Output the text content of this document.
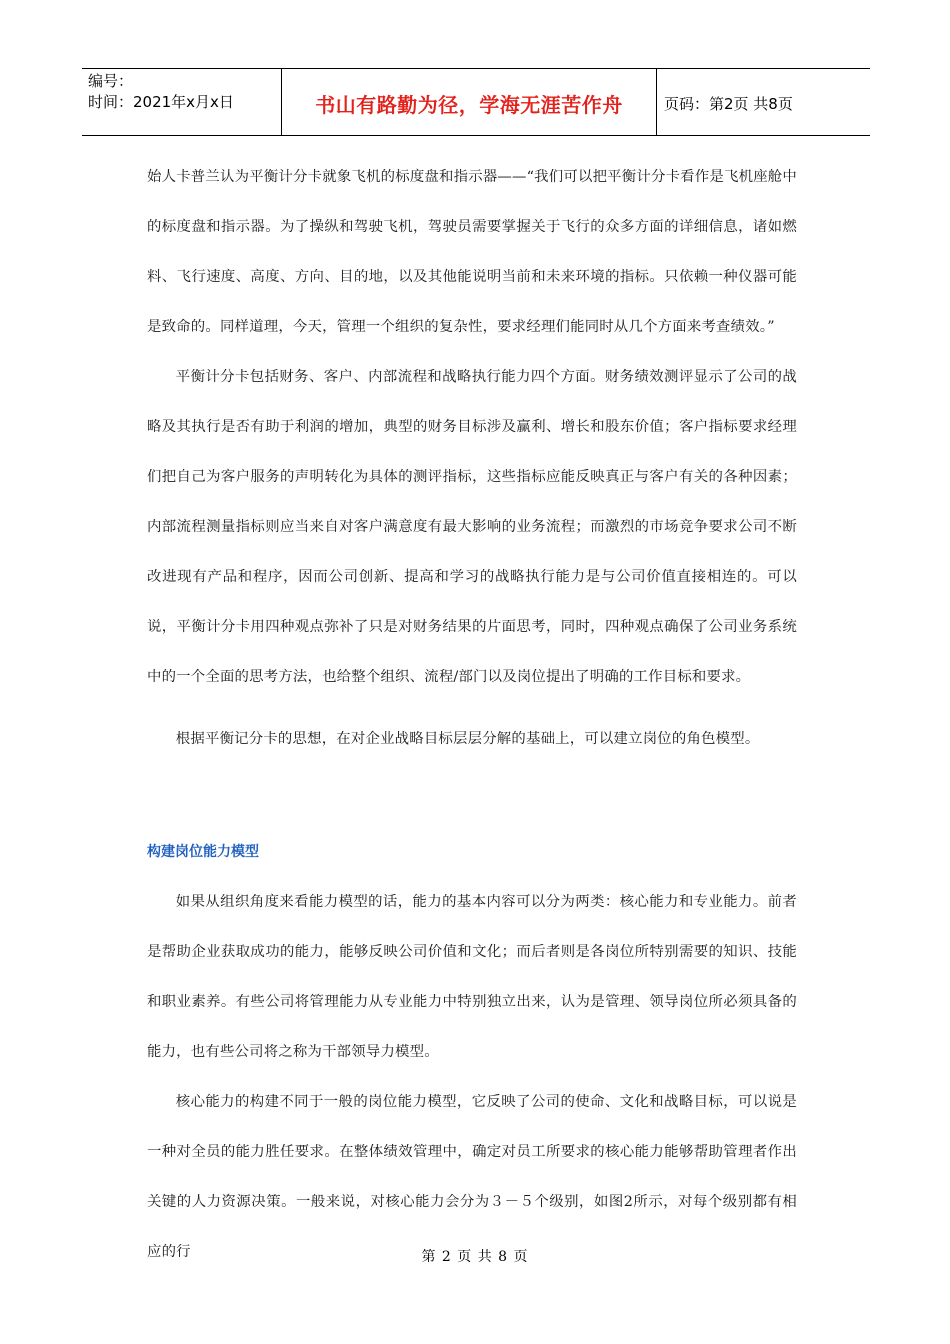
编号：
时间：2021年x月x日	书山有路勤为径，学海无涯苦作舟	页码：第2页 共8页

始人卡普兰认为平衡计分卡就象飞机的标度盘和指示器——“我们可以把平衡计分卡看作是飞机座舱中的标度盘和指示器。为了操纵和驾驶飞机，驾驶员需要掌握关于飞行的众多方面的详细信息，诸如燃料、飞行速度、高度、方向、目的地，以及其他能说明当前和未来环境的指标。只依赖一种仪器可能是致命的。同样道理，今天，管理一个组织的复杂性，要求经理们能同时从几个方面来考查绩效。”

平衡计分卡包括财务、客户、内部流程和战略执行能力四个方面。财务绩效测评显示了公司的战略及其执行是否有助于利润的增加，典型的财务目标涉及赢利、增长和股东价值；客户指标要求经理们把自己为客户服务的声明转化为具体的测评指标，这些指标应能反映真正与客户有关的各种因素；内部流程测量指标则应当来自对客户满意度有最大影响的业务流程；而激烈的市场竞争要求公司不断改进现有产品和程序，因而公司创新、提高和学习的战略执行能力是与公司价值直接相连的。可以说，平衡计分卡用四种观点弥补了只是对财务结果的片面思考，同时，四种观点确保了公司业务系统中的一个全面的思考方法，也给整个组织、流程/部门以及岗位提出了明确的工作目标和要求。

根据平衡记分卡的思想，在对企业战略目标层层分解的基础上，可以建立岗位的角色模型。

构建岗位能力模型

如果从组织角度来看能力模型的话，能力的基本内容可以分为两类：核心能力和专业能力。前者是帮助企业获取成功的能力，能够反映公司价值和文化；而后者则是各岗位所特别需要的知识、技能和职业素养。有些公司将管理能力从专业能力中特别独立出来，认为是管理、领导岗位所必须具备的能力，也有些公司将之称为干部领导力模型。

核心能力的构建不同于一般的岗位能力模型，它反映了公司的使命、文化和战略目标，可以说是一种对全员的能力胜任要求。在整体绩效管理中，确定对员工所要求的核心能力能够帮助管理者作出关键的人力资源决策。一般来说，对核心能力会分为３－５个级别，如图2所示，对每个级别都有相应的行	第 2 页 共 8 页
